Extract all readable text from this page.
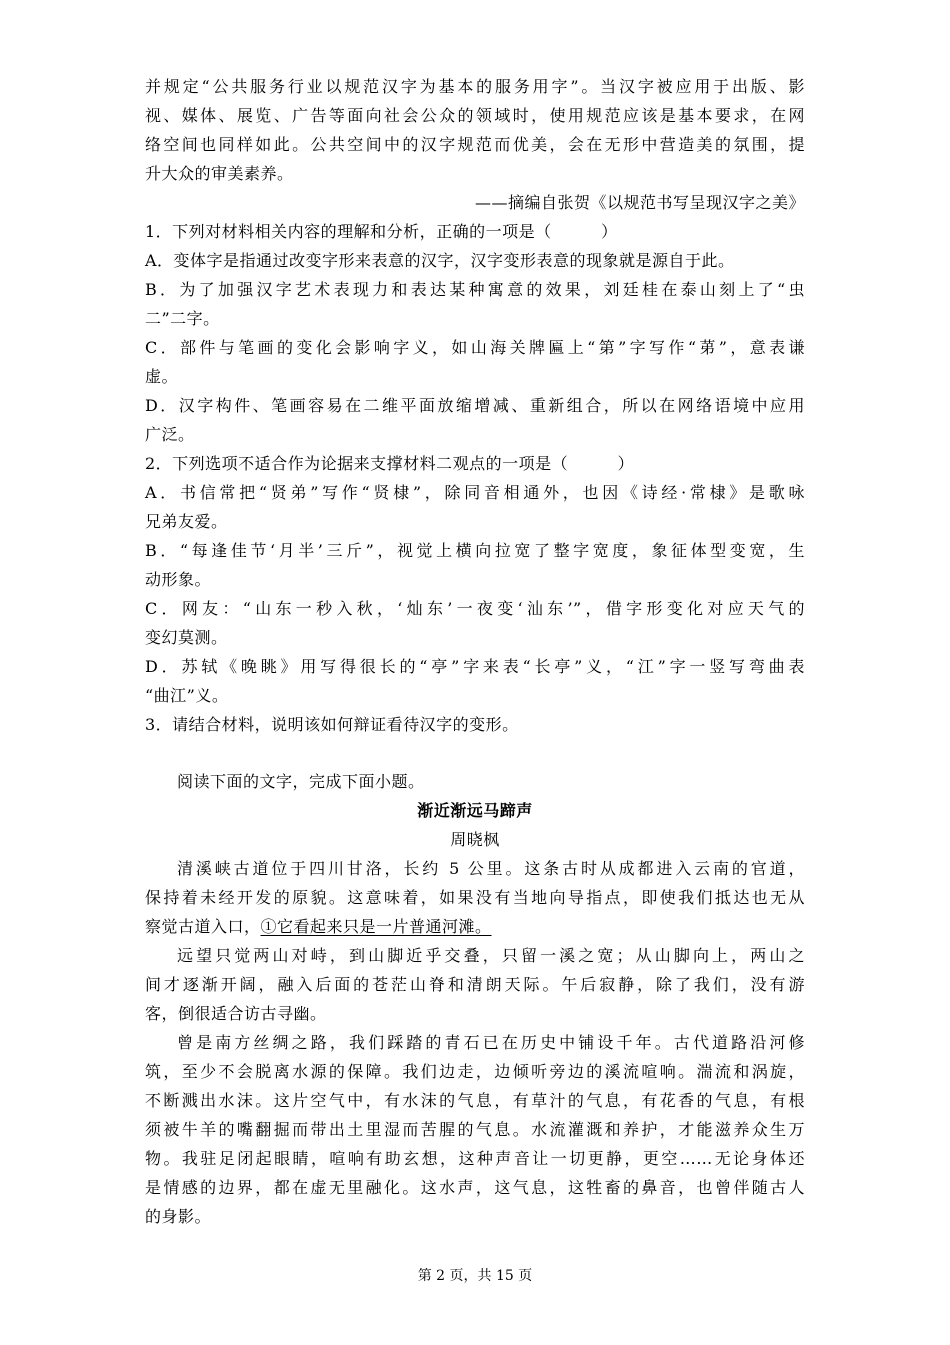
并规定“公共服务行业以规范汉字为基本的服务用字”。当汉字被应用于出版、影

视、媒体、展览、广告等面向社会公众的领域时，使用规范应该是基本要求，在网

络空间也同样如此。公共空间中的汉字规范而优美，会在无形中营造美的氛围，提

升大众的审美素养。

——摘编自张贺《以规范书写呈现汉字之美》

1．下列对材料相关内容的理解和分析，正确的一项是（　　　）

A．变体字是指通过改变字形来表意的汉字，汉字变形表意的现象就是源自于此。

B．为了加强汉字艺术表现力和表达某种寓意的效果，刘廷桂在泰山刻上了“虫

二”二字。

C．部件与笔画的变化会影响字义，如山海关牌匾上“第”字写作“苐”，意表谦

虚。

D．汉字构件、笔画容易在二维平面放缩增减、重新组合，所以在网络语境中应用

广泛。

2．下列选项不适合作为论据来支撑材料二观点的一项是（　　　）

A．书信常把“贤弟”写作“贤棣”，除同音相通外，也因《诗经·常棣》是歌咏

兄弟友爱。

B．“每逢佳节‘月半’三斤”，视觉上横向拉宽了整字宽度，象征体型变宽，生

动形象。

C．网友：“山东一秒入秋，‘灿东’一夜变‘汕东’”，借字形变化对应天气的

变幻莫测。

D．苏轼《晚眺》用写得很长的“亭”字来表“长亭”义，“江”字一竖写弯曲表

“曲江”义。

3．请结合材料，说明该如何辩证看待汉字的变形。

阅读下面的文字，完成下面小题。

渐近渐远马蹄声

周晓枫

清溪峡古道位于四川甘洛，长约 5 公里。这条古时从成都进入云南的官道，

保持着未经开发的原貌。这意味着，如果没有当地向导指点，即使我们抵达也无从

察觉古道入口，①它看起来只是一片普通河滩。

远望只觉两山对峙，到山脚近乎交叠，只留一溪之宽；从山脚向上，两山之

间才逐渐开阔，融入后面的苍茫山脊和清朗天际。午后寂静，除了我们，没有游

客，倒很适合访古寻幽。

曾是南方丝绸之路，我们踩踏的青石已在历史中铺设千年。古代道路沿河修

筑，至少不会脱离水源的保障。我们边走，边倾听旁边的溪流喧响。湍流和涡旋，

不断溅出水沫。这片空气中，有水沫的气息，有草汁的气息，有花香的气息，有根

须被牛羊的嘴翻掘而带出土里湿而苦腥的气息。水流灌溉和养护，才能滋养众生万

物。我驻足闭起眼睛，喧响有助玄想，这种声音让一切更静，更空……无论身体还

是情感的边界，都在虚无里融化。这水声，这气息，这牲畜的鼻音，也曾伴随古人

的身影。

第 2 页，共 15 页
